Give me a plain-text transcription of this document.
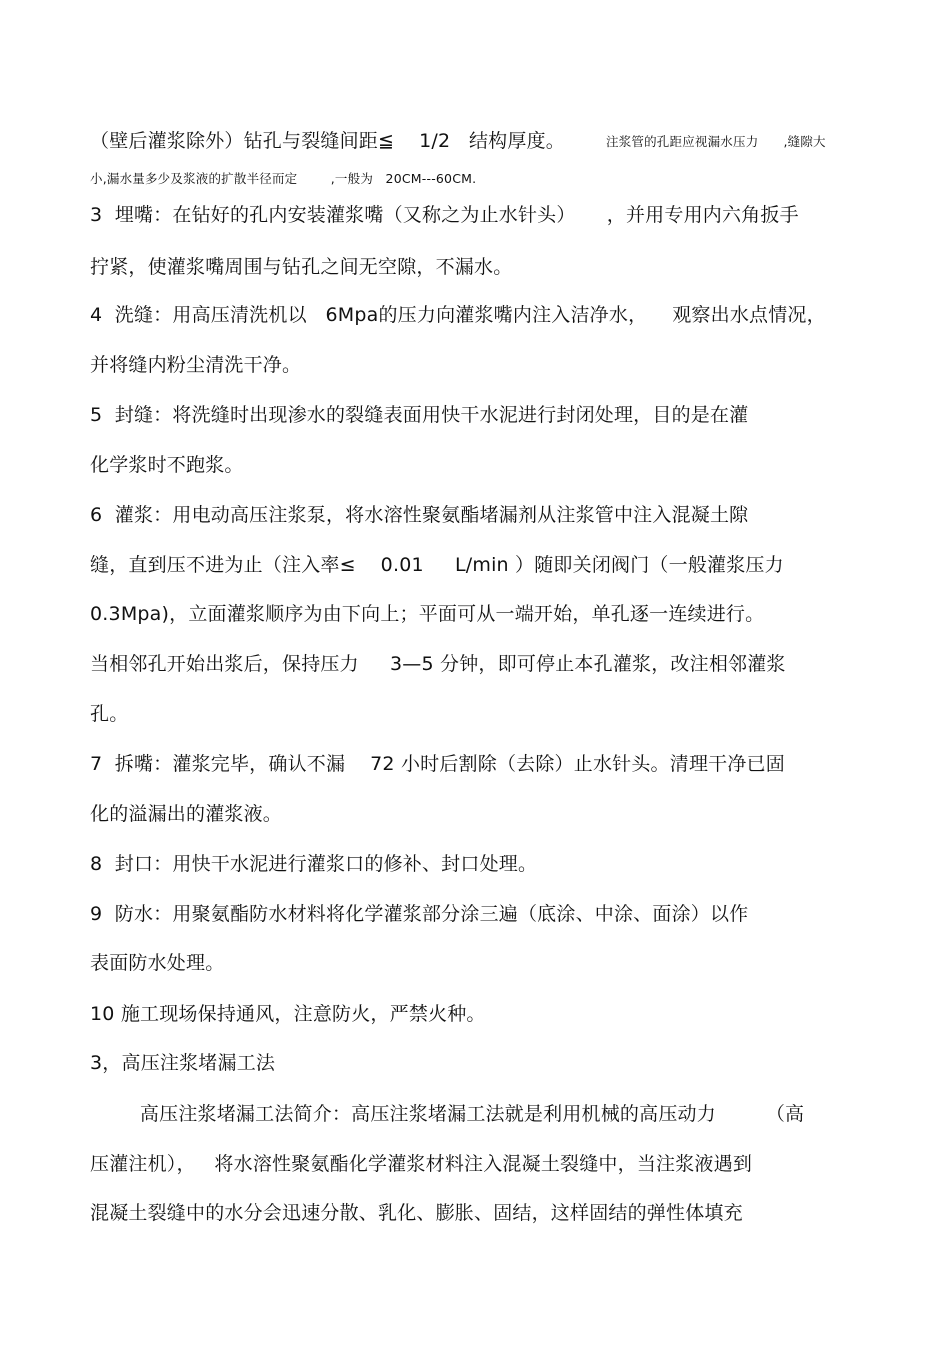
（壁后灌浆除外）钻孔与裂缝间距≦    1/2   结构厚度。	注浆管的孔距应视漏水压力      ,缝隙大
小,漏水量多少及浆液的扩散半径而定        ,一般为   20CM---60CM.
3  埋嘴：在钻好的孔内安装灌浆嘴（又称之为止水针头）     ，并用专用内六角扳手
拧紧，使灌浆嘴周围与钻孔之间无空隙，不漏水。
4  洗缝：用高压清洗机以   6Mpa的压力向灌浆嘴内注入洁净水，    观察出水点情况，
并将缝内粉尘清洗干净。
5  封缝：将洗缝时出现渗水的裂缝表面用快干水泥进行封闭处理，目的是在灌
化学浆时不跑浆。
6  灌浆：用电动高压注浆泵，将水溶性聚氨酯堵漏剂从注浆管中注入混凝土隙
缝，直到压不进为止（注入率≤    0.01     L/min ）随即关闭阀门（一般灌浆压力
0.3Mpa)，立面灌浆顺序为由下向上；平面可从一端开始，单孔逐一连续进行。
当相邻孔开始出浆后，保持压力     3—5 分钟，即可停止本孔灌浆，改注相邻灌浆
孔。
7  拆嘴：灌浆完毕，确认不漏    72 小时后割除（去除）止水针头。清理干净已固
化的溢漏出的灌浆液。
8  封口：用快干水泥进行灌浆口的修补、封口处理。
9  防水：用聚氨酯防水材料将化学灌浆部分涂三遍（底涂、中涂、面涂）以作
表面防水处理。
10 施工现场保持通风，注意防火，严禁火种。
3，高压注浆堵漏工法
高压注浆堵漏工法简介：高压注浆堵漏工法就是利用机械的高压动力        （高
压灌注机），   将水溶性聚氨酯化学灌浆材料注入混凝土裂缝中，当注浆液遇到
混凝土裂缝中的水分会迅速分散、乳化、膨胀、固结，这样固结的弹性体填充
